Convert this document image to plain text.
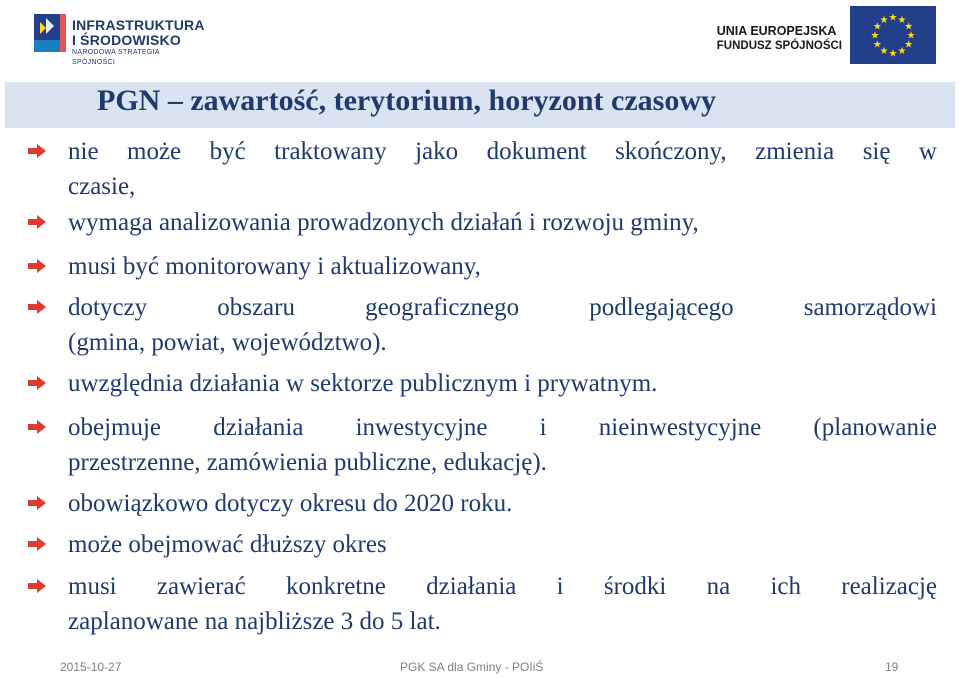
INFRASTRUKTURA
I ŚRODOWISKO
NARODOWA STRATEGIA SPÓJNOŚCI
UNIA EUROPEJSKA
FUNDUSZ SPÓJNOŚCI
★ ★
★
★
★
★
★
★
★
★
★
★
PGN – zawartość, terytorium, horyzont czasowy
nie może być traktowany jako dokument skończony, zmienia się w
czasie,
wymaga analizowania prowadzonych działań i rozwoju gminy,
musi być monitorowany i aktualizowany,
dotyczy obszaru geograficznego podlegającego samorządowi
(gmina, powiat, województwo).
uwzględnia działania w sektorze publicznym i prywatnym.
obejmuje działania inwestycyjne i nieinwestycyjne (planowanie
przestrzenne, zamówienia publiczne, edukację).
obowiązkowo dotyczy okresu do 2020 roku.
może obejmować dłuższy okres
musi zawierać konkretne działania i środki na ich realizację
zaplanowane na najbliższe 3 do 5 lat.
2015-10-27	PGK SA dla Gminy - POIiŚ	19
